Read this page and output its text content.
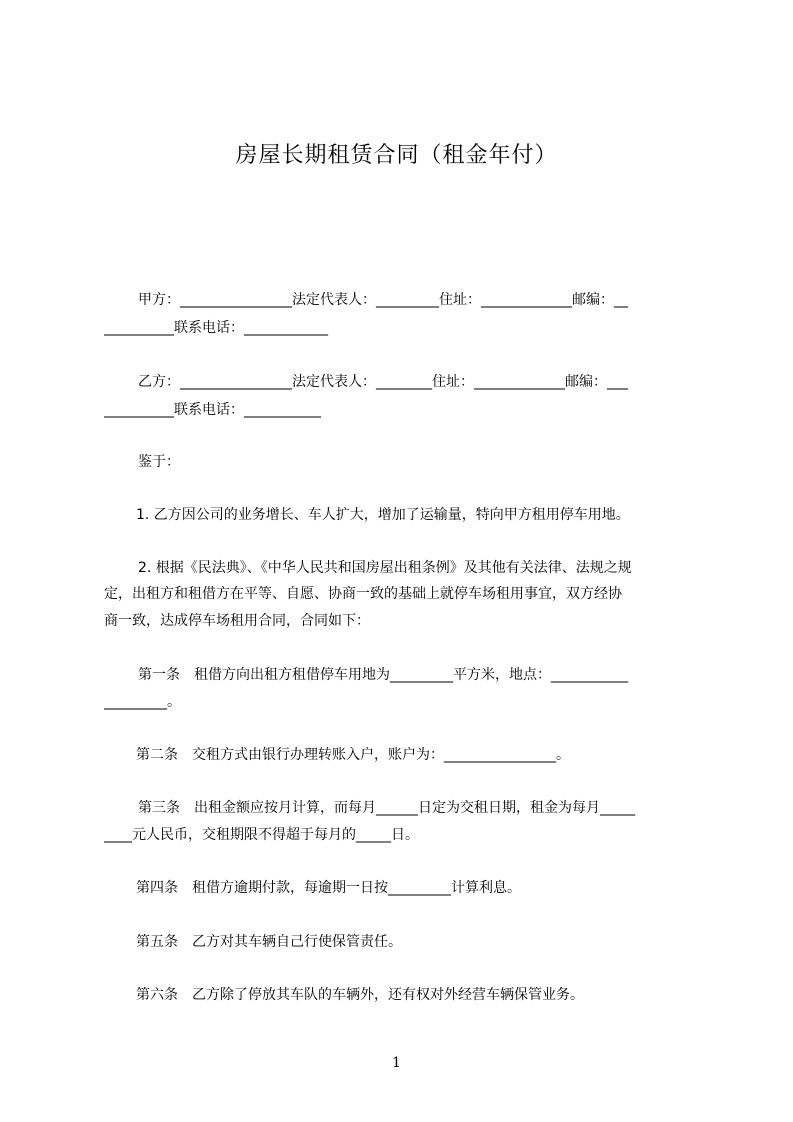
房屋长期租赁合同（租金年付）
甲方：________________法定代表人：_________住址：_____________邮编：__
__________联系电话：____________
乙方：________________法定代表人：________住址：_____________邮编：___
__________联系电话：___________
鉴于：
1. 乙方因公司的业务增长、车人扩大，增加了运输量，特向甲方租用停车用地。
2. 根据《民法典》、《中华人民共和国房屋出租条例》及其他有关法律、法规之规
定，出租方和租借方在平等、自愿、协商一致的基础上就停车场租用事宜，双方经协
商一致，达成停车场租用合同，合同如下：
第一条　租借方向出租方租借停车用地为_________平方米，地点：___________
_________。
第二条　交租方式由银行办理转账入户，账户为：________________。
第三条　出租金额应按月计算，而每月______日定为交租日期，租金为每月_____
____元人民币，交租期限不得超于每月的_____日。
第四条　租借方逾期付款，每逾期一日按_________计算利息。
第五条　乙方对其车辆自己行使保管责任。
第六条　乙方除了停放其车队的车辆外，还有权对外经营车辆保管业务。
1
